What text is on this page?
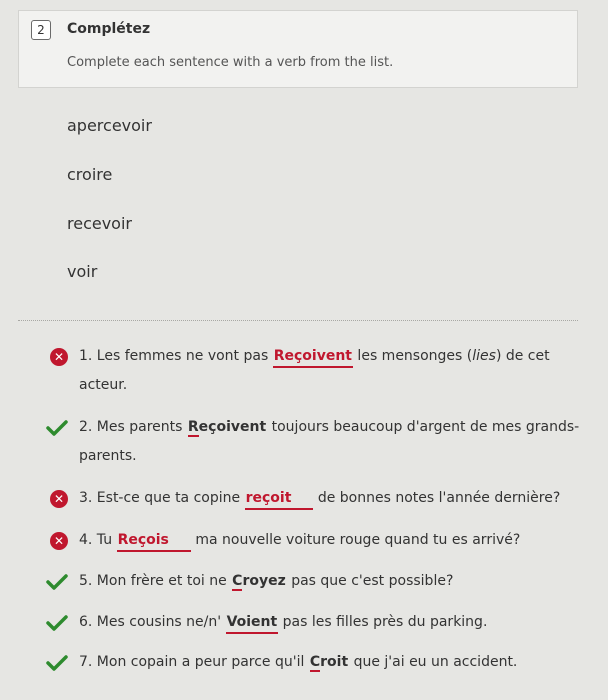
2	Complétez
Complete each sentence with a verb from the list.
apercevoir
croire
recevoir
voir
✕ 1. Les femmes ne vont pas Reçoivent les mensonges (lies) de cet acteur.
2. Mes parents Reçoivent toujours beaucoup d'argent de mes grands-parents.
✕ 3. Est-ce que ta copine reçoit de bonnes notes l'année dernière?
✕ 4. Tu Reçois ma nouvelle voiture rouge quand tu es arrivé?
5. Mon frère et toi ne Croyez pas que c'est possible?
6. Mes cousins ne/n' Voient pas les filles près du parking.
7. Mon copain a peur parce qu'il Croit que j'ai eu un accident.
